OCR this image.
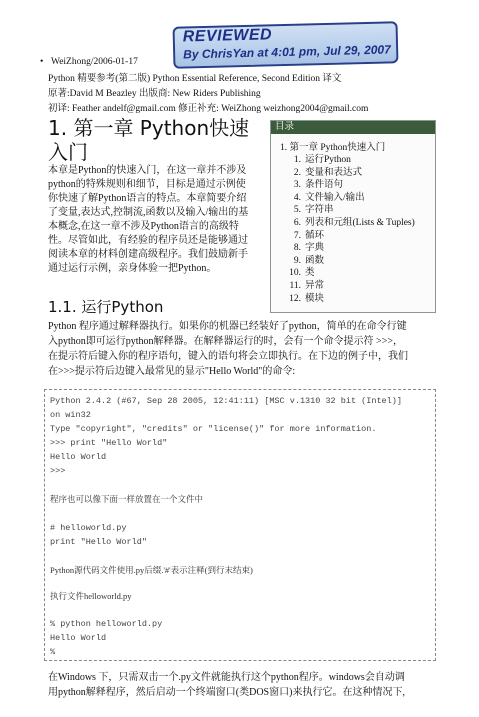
REVIEWED
By ChrisYan at 4:01 pm, Jul 29, 2007
• WeiZhong/2006-01-17
Python 精要参考(第二版) Python Essential Reference, Second Edition 译文
原著:David M Beazley 出版商: New Riders Publishing
初译: Feather andelf@gmail.com 修正补充: WeiZhong weizhong2004@gmail.com
1. 第一章 Python快速
入门
本章是Python的快速入门，在这一章并不涉及
python的特殊规则和细节，目标是通过示例使
你快速了解Python语言的特点。本章简要介绍
了变量,表达式,控制流,函数以及输入/输出的基
本概念,在这一章不涉及Python语言的高级特
性。尽管如此，有经验的程序员还是能够通过
阅读本章的材料创建高级程序。我们鼓励新手
通过运行示例，亲身体验一把Python。
目录
1. 第一章 Python快速入门
1. 运行Python
2. 变量和表达式
3. 条件语句
4. 文件输入/输出
5. 字符串
6. 列表和元组(Lists & Tuples)
7. 循环
8. 字典
9. 函数
10. 类
11. 异常
12. 模块
1.1. 运行Python
Python 程序通过解释器执行。如果你的机器已经装好了python，简单的在命令行键
入python即可运行python解释器。在解释器运行的时，会有一个命令提示符 >>>，
在提示符后键入你的程序语句，键入的语句将会立即执行。在下边的例子中，我们
在>>>提示符后边键入最常见的显示"Hello World"的命令:
Python 2.4.2 (#67, Sep 28 2005, 12:41:11) [MSC v.1310 32 bit (Intel)]
on win32
Type "copyright", "credits" or "license()" for more information.
>>> print "Hello World"
Hello World
>>>
程序也可以像下面一样放置在一个文件中
# helloworld.py
print "Hello World"
Python源代码文件使用.py后缀.'#'表示注释(到行末结束)
执行文件helloworld.py
% python helloworld.py
Hello World
%
在Windows 下，只需双击一个.py文件就能执行这个python程序。windows会自动调
用python解释程序，然后启动一个终端窗口(类DOS窗口)来执行它。在这种情况下,
